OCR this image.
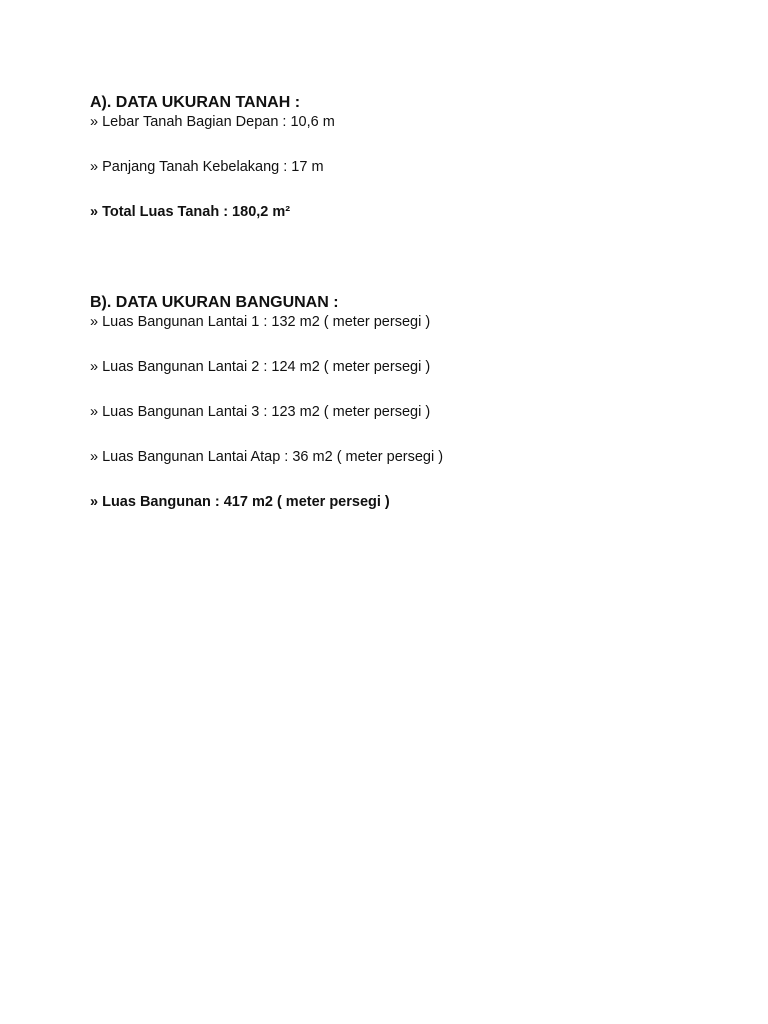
A). DATA UKURAN TANAH :
» Lebar Tanah Bagian Depan : 10,6 m
» Panjang Tanah Kebelakang : 17 m
» Total Luas Tanah : 180,2 m²
B). DATA UKURAN BANGUNAN :
» Luas Bangunan Lantai 1 : 132 m2 ( meter persegi )
» Luas Bangunan Lantai 2 : 124 m2 ( meter persegi )
» Luas Bangunan Lantai 3 : 123 m2 ( meter persegi )
» Luas Bangunan Lantai Atap : 36 m2 ( meter persegi )
» Luas Bangunan : 417 m2 ( meter persegi )
